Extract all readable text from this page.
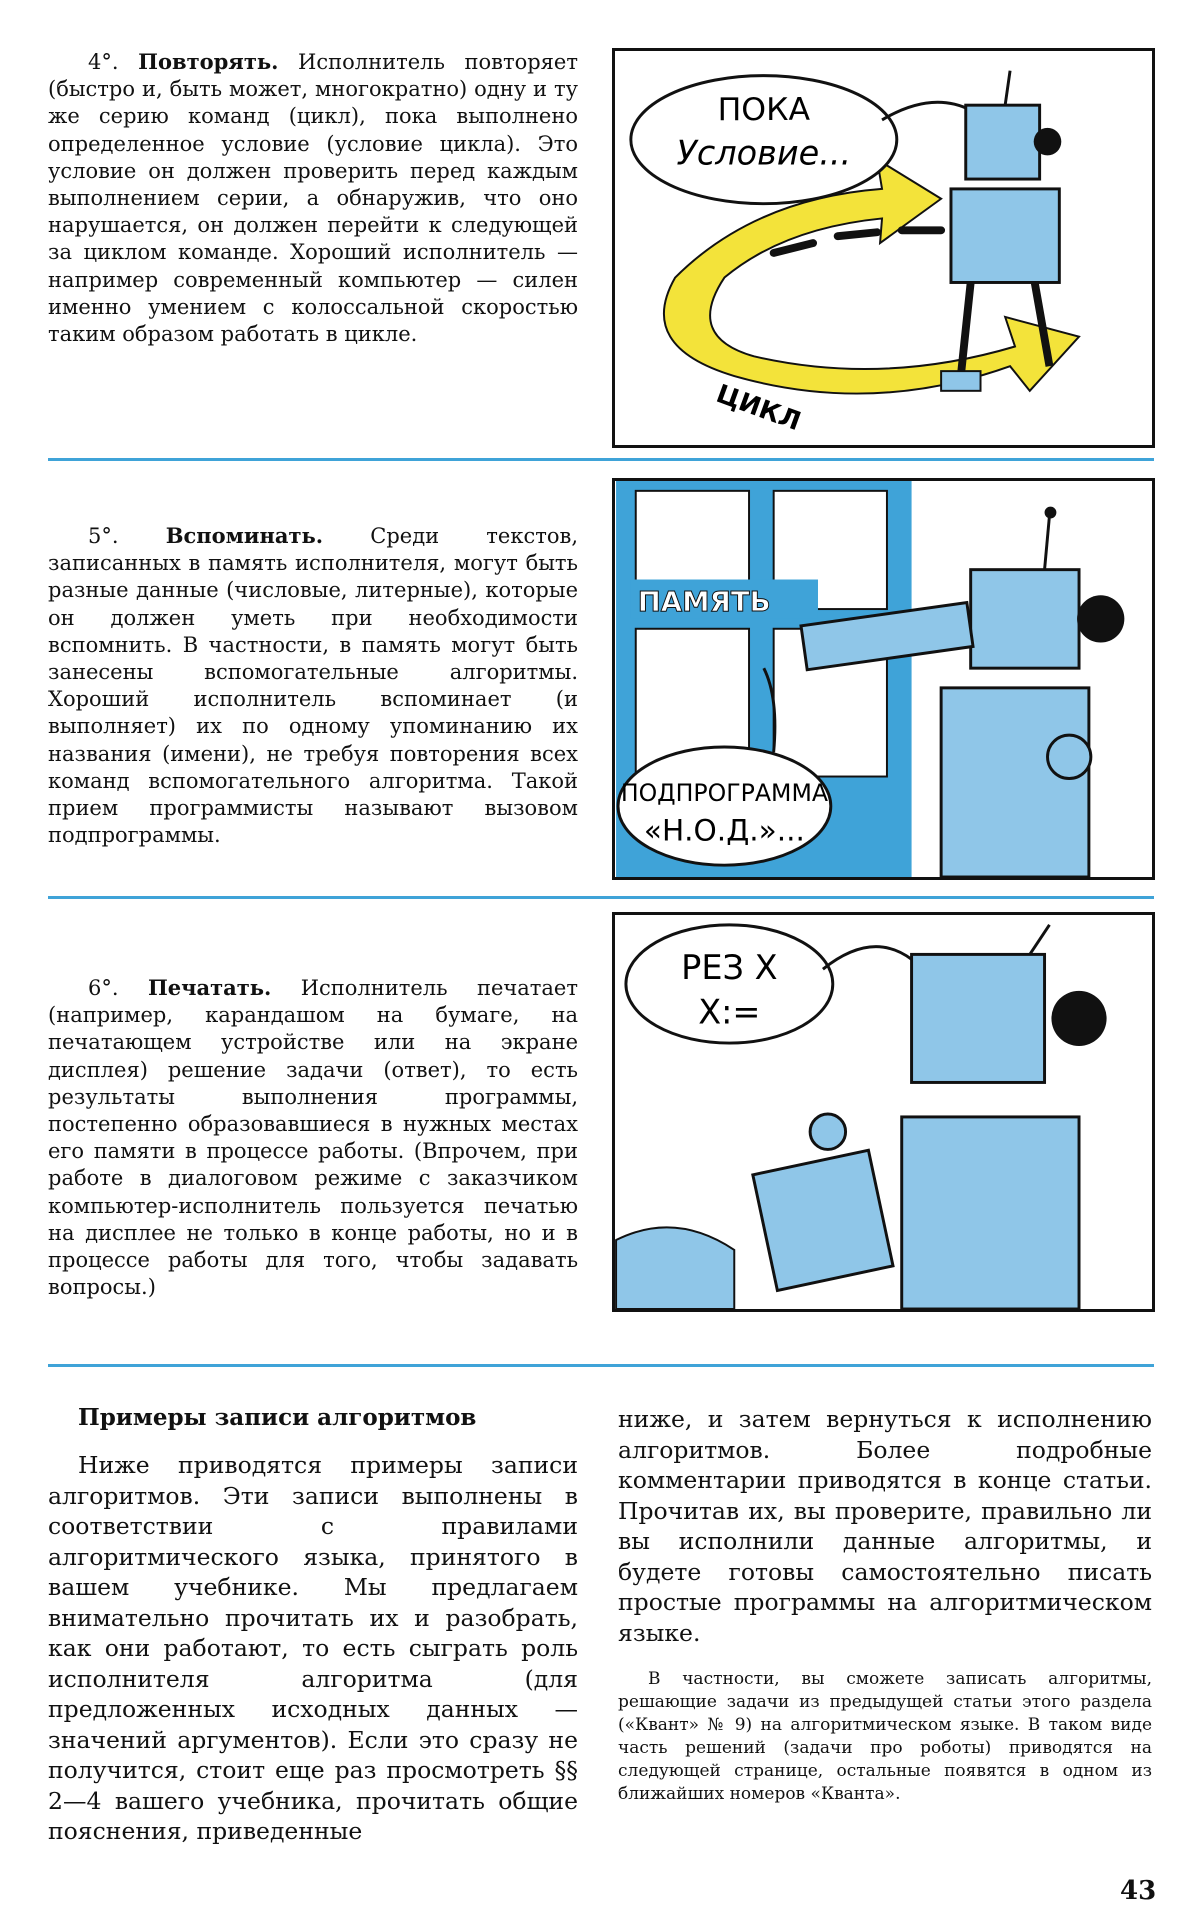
4°. Повторять. Исполнитель повторяет (быстро и, быть может, многократно) одну и ту же серию команд (цикл), пока выполнено определенное условие (условие цикла). Это условие он должен проверить перед каждым выполнением серии, а обнаружив, что оно нарушается, он должен перейти к следующей за циклом команде. Хороший исполнитель — например современный компьютер — силен именно умением с колоссальной скоростью таким образом работать в цикле.
ПОКА
Условие...
ЦИКЛ
5°. Вспоминать. Среди текстов, записанных в память исполнителя, могут быть разные данные (числовые, литерные), которые он должен уметь при необходимости вспомнить. В частности, в память могут быть занесены вспомогательные алгоритмы. Хороший исполнитель вспоминает (и выполняет) их по одному упоминанию их названия (имени), не требуя повторения всех команд вспомогательного алгоритма. Такой прием программисты называют вызовом подпрограммы.
ПАМЯТЬ
ПОДПРОГРАММА
«Н.О.Д.»...
6°. Печатать. Исполнитель печатает (например, карандашом на бумаге, на печатающем устройстве или на экране дисплея) решение задачи (ответ), то есть результаты выполнения программы, постепенно образовавшиеся в нужных местах его памяти в процессе работы. (Впрочем, при работе в диалоговом режиме с заказчиком компьютер-исполнитель пользуется печатью на дисплее не только в конце работы, но и в процессе работы для того, чтобы задавать вопросы.)
РЕЗ Х
Х:=
Примеры записи алгоритмов
Ниже приводятся примеры записи алгоритмов. Эти записи выполнены в соответствии с правилами алгоритмического языка, принятого в вашем учебнике. Мы предлагаем внимательно прочитать их и разобрать, как они работают, то есть сыграть роль исполнителя алгоритма (для предложенных исходных данных — значений аргументов). Если это сразу не получится, стоит еще раз просмотреть §§ 2—4 вашего учебника, прочитать общие пояснения, приведенные
ниже, и затем вернуться к исполнению алгоритмов. Более подробные комментарии приводятся в конце статьи. Прочитав их, вы проверите, правильно ли вы исполнили данные алгоритмы, и будете готовы самостоятельно писать простые программы на алгоритмическом языке.
В частности, вы сможете записать алгоритмы, решающие задачи из предыдущей статьи этого раздела («Квант» № 9) на алгоритмическом языке. В таком виде часть решений (задачи про роботы) приводятся на следующей странице, остальные появятся в одном из ближайших номеров «Кванта».
43
